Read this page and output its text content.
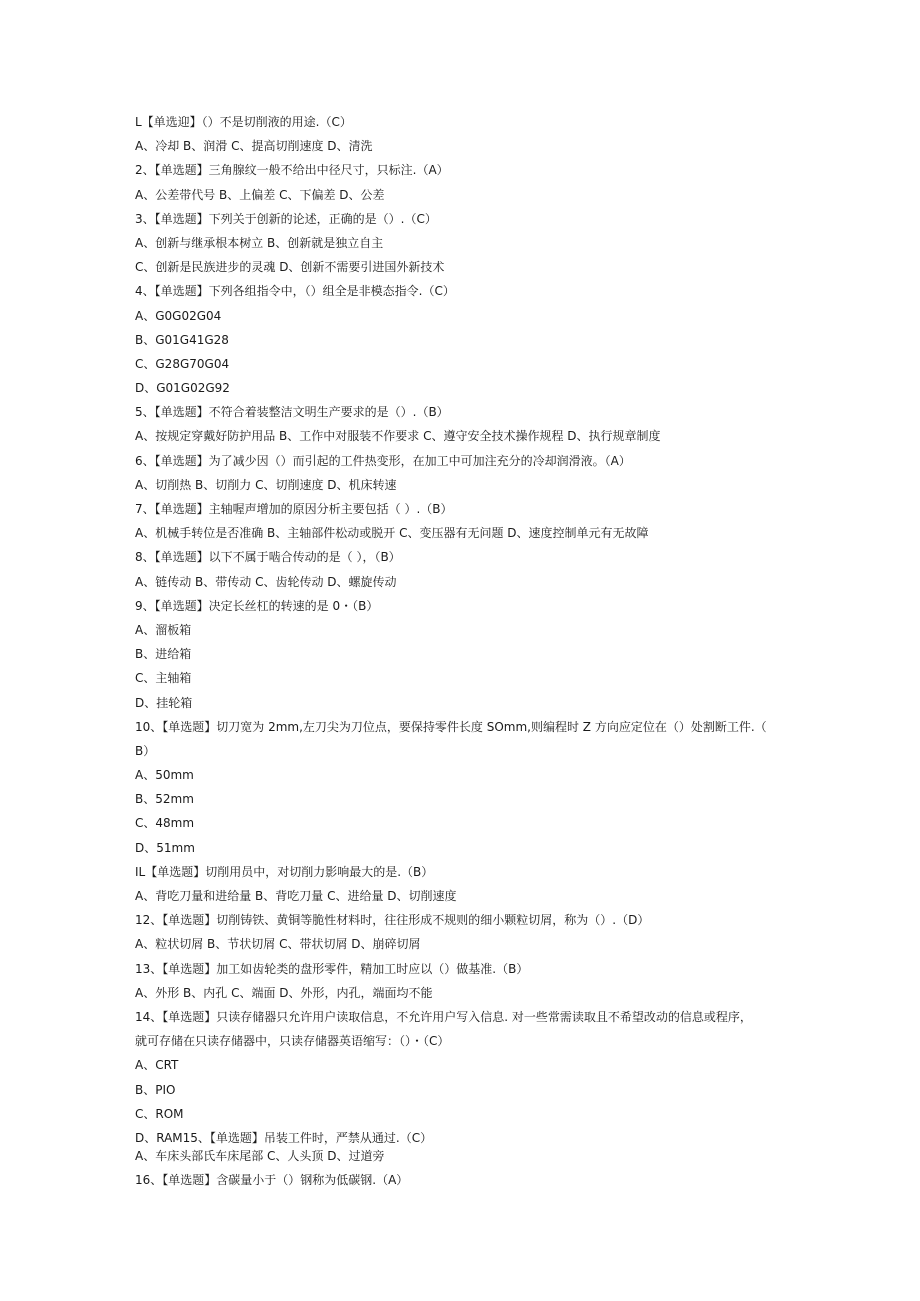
L【单选迎】（）不是切削液的用途.（C）
A、冷却 B、润滑 C、提高切削速度 D、清洗
2、【单选题】三角腺纹一般不给出中径尺寸，只标注.（A）
A、公差带代号 B、上偏差 C、下偏差 D、公差
3、【单选题】下列关于创新的论述，正确的是（）.（C）
A、创新与继承根本树立 B、创新就是独立自主
C、创新是民族进步的灵魂 D、创新不需要引进国外新技术
4、【单选题】下列各组指令中，（）组全是非模态指令.（C）
A、G0G02G04
B、G01G41G28
C、G28G70G04
D、G01G02G92
5、【单选题】不符合着装整洁文明生产要求的是（）.（B）
A、按规定穿戴好防护用品 B、工作中对服装不作要求 C、遵守安全技术操作规程 D、执行规章制度
6、【单选题】为了减少因（）而引起的工件热变形，在加工中可加注充分的冷却润滑液。（A）
A、切削热 B、切削力 C、切削速度 D、机床转速
7、【单选题】主轴喔声增加的原因分析主要包括（ ）.（B）
A、机械手转位是否准确 B、主轴部件松动或脱开 C、变压器有无问题 D、速度控制单元有无故障
8、【单选题】以下不属于啮合传动的是（ ），（B）
A、链传动 B、带传动 C、齿轮传动 D、螺旋传动
9、【单选题】决定长丝杠的转速的是 0・（B）
A、溜板箱
B、进给箱
C、主轴箱
D、挂轮箱
10、【单选题】切刀宽为 2mm,左刀尖为刀位点，要保持零件长度 SOmm,则编程时 Z 方向应定位在（）处割断工件.（
B）
A、50mm
B、52mm
C、48mm
D、51mm
IL【单选题】切削用员中，对切削力影响最大的是.（B）
A、背吃刀量和进给量 B、背吃刀量 C、进给量 D、切削速度
12、【单选题】切削铸铁、黄铜等脆性材料时，往往形成不规则的细小颗粒切屑，称为（）.（D）
A、粒状切屑 B、节状切屑 C、带状切屑 D、崩碎切屑
13、【单选题】加工如齿轮类的盘形零件，精加工时应以（）做基准.（B）
A、外形 B、内孔 C、端面 D、外形，内孔，端面均不能
14、【单选题】只读存储器只允许用户读取信息，不允许用户写入信息. 对一些常需读取且不希望改动的信息或程序，
就可存储在只读存储器中，只读存储器英语缩写：（）・（C）
A、CRT
B、PIO
C、ROM
D、RAM15、【单选题】吊装工件时，严禁从通过.（C）
A、车床头部氏车床尾部 C、人头顶 D、过道旁
16、【单选题】含碳量小于（）钢称为低碳钢.（A）
